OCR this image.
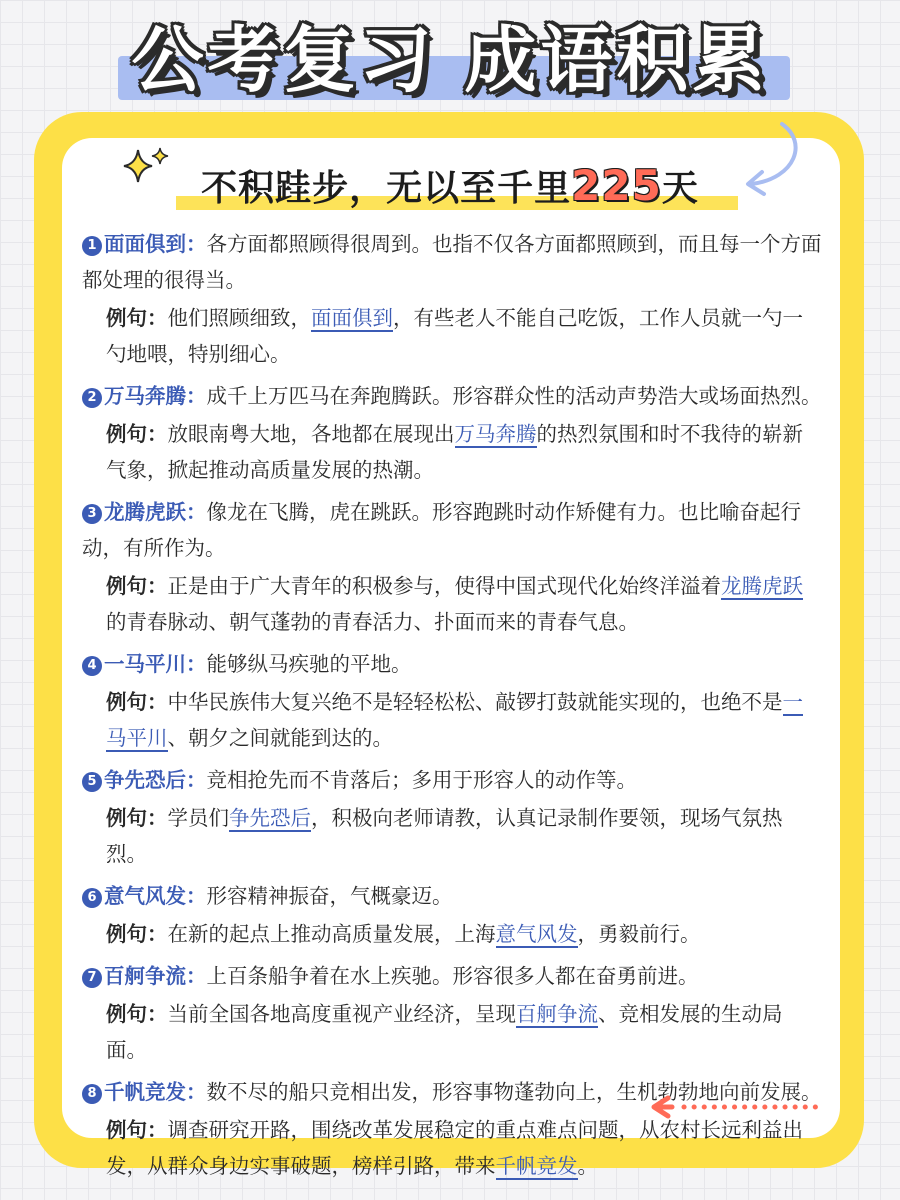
公考复习 成语积累
不积跬步，无以至千里225天

1 面面俱到：各方面都照顾得很周到。也指不仅各方面都照顾到，而且每一个方面都处理的很得当。

例句：他们照顾细致，面面俱到，有些老人不能自己吃饭，工作人员就一勺一勺地喂，特别细心。

2 万马奔腾：成千上万匹马在奔跑腾跃。形容群众性的活动声势浩大或场面热烈。

例句：放眼南粤大地，各地都在展现出万马奔腾的热烈氛围和时不我待的崭新气象，掀起推动高质量发展的热潮。

3 龙腾虎跃：像龙在飞腾，虎在跳跃。形容跑跳时动作矫健有力。也比喻奋起行动，有所作为。

例句：正是由于广大青年的积极参与，使得中国式现代化始终洋溢着龙腾虎跃的青春脉动、朝气蓬勃的青春活力、扑面而来的青春气息。

4 一马平川：能够纵马疾驰的平地。

例句：中华民族伟大复兴绝不是轻轻松松、敲锣打鼓就能实现的，也绝不是一马平川、朝夕之间就能到达的。

5 争先恐后：竞相抢先而不肯落后；多用于形容人的动作等。

例句：学员们争先恐后，积极向老师请教，认真记录制作要领，现场气氛热烈。

6 意气风发：形容精神振奋，气概豪迈。

例句：在新的起点上推动高质量发展，上海意气风发，勇毅前行。

7 百舸争流：上百条船争着在水上疾驰。形容很多人都在奋勇前进。

例句：当前全国各地高度重视产业经济，呈现百舸争流、竞相发展的生动局面。

8 千帆竞发：数不尽的船只竞相出发，形容事物蓬勃向上，生机勃勃地向前发展。

例句：调查研究开路，围绕改革发展稳定的重点难点问题，从农村长远利益出发，从群众身边实事破题，榜样引路，带来千帆竞发。
